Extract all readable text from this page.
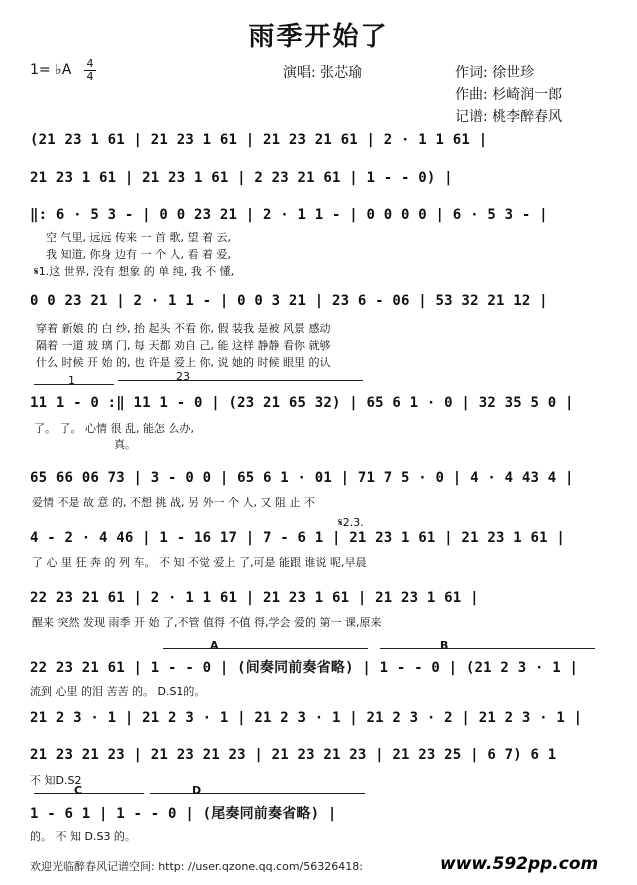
雨季开始了
1= ♭A $\frac{4}{4}$	演唱: 张芯瑜	作词: 徐世珍
作曲: 杉崎润一郎
记谱: 桃李醉春风
(21 23 1 61 | 21 23 1 61 | 21 23 21 61 | 2 · 1 1 61 |
21 23 1 61 | 21 23 1 61 | 2 23 21 61 | 1 - - 0) |
‖: 6 · 5 3 - | 0 0 23 21 | 2 · 1 1 - | 0 0 0 0 | 6 · 5 3 - |
空 气里, 远远 传来 一 首 歌, 望 着 云,
我 知道, 你身 边有 一 个 人, 看 着 爱,
𝄋1.这 世界, 没有 想象 的 单 纯, 我 不 懂,
0 0 23 21 | 2 · 1 1 - | 0 0 3 21 | 23 6 - 06 | 53 32 21 12 |
穿着 新娘 的 白 纱, 抬 起头 不看 你, 假 装我 是被 风景 感动
隔着 一道 玻 璃 门, 每 天都 劝自 己, 能 这样 静静 看你 就够
什么 时候 开 始 的, 也 许是 爱上 你, 说 她的 时候 眼里 的认
1	23
11 1 - 0 :‖ 11 1 - 0 | (23 21 65 32) | 65 6 1 · 0 | 32 35 5 0 |
了。 了。 心情 很 乱, 能怎 么办,
真。
65 66 06 73 | 3 - 0 0 | 65 6 1 · 01 | 71 7 5 · 0 | 4 · 4 43 4 |
爱情 不是 故 意 的, 不想 挑 战, 另 外一 个 人, 又 阻 止 不
𝄋2.3.
4 - 2 · 4 46 | 1 - 16 17 | 7 - 6 1 | 21 23 1 61 | 21 23 1 61 |
了 心 里 狂 奔 的 列 车。 不 知 不觉 爱上 了,可是 能跟 谁说 呢,早晨
22 23 21 61 | 2 · 1 1 61 | 21 23 1 61 | 21 23 1 61 |
醒来 突然 发现 雨季 开 始 了,不管 值得 不值 得,学会 爱的 第一 课,原来
A	B
22 23 21 61 | 1 - - 0 | (间奏同前奏省略) | 1 - - 0 | (21 2 3 · 1 |
流到 心里 的泪 苦苦 的。 D.S1的。
21 2 3 · 1 | 21 2 3 · 1 | 21 2 3 · 1 | 21 2 3 · 2 | 21 2 3 · 1 |
21 23 21 23 | 21 23 21 23 | 21 23 21 23 | 21 23 25 | 6 7) 6 1
不 知D.S2
C	D
1 - 6 1 | 1 - - 0 | (尾奏同前奏省略) |
的。 不 知 D.S3 的。
欢迎光临醉春风记谱空间: http: //user.qzone.qq.com/56326418:	www.592pp.com
